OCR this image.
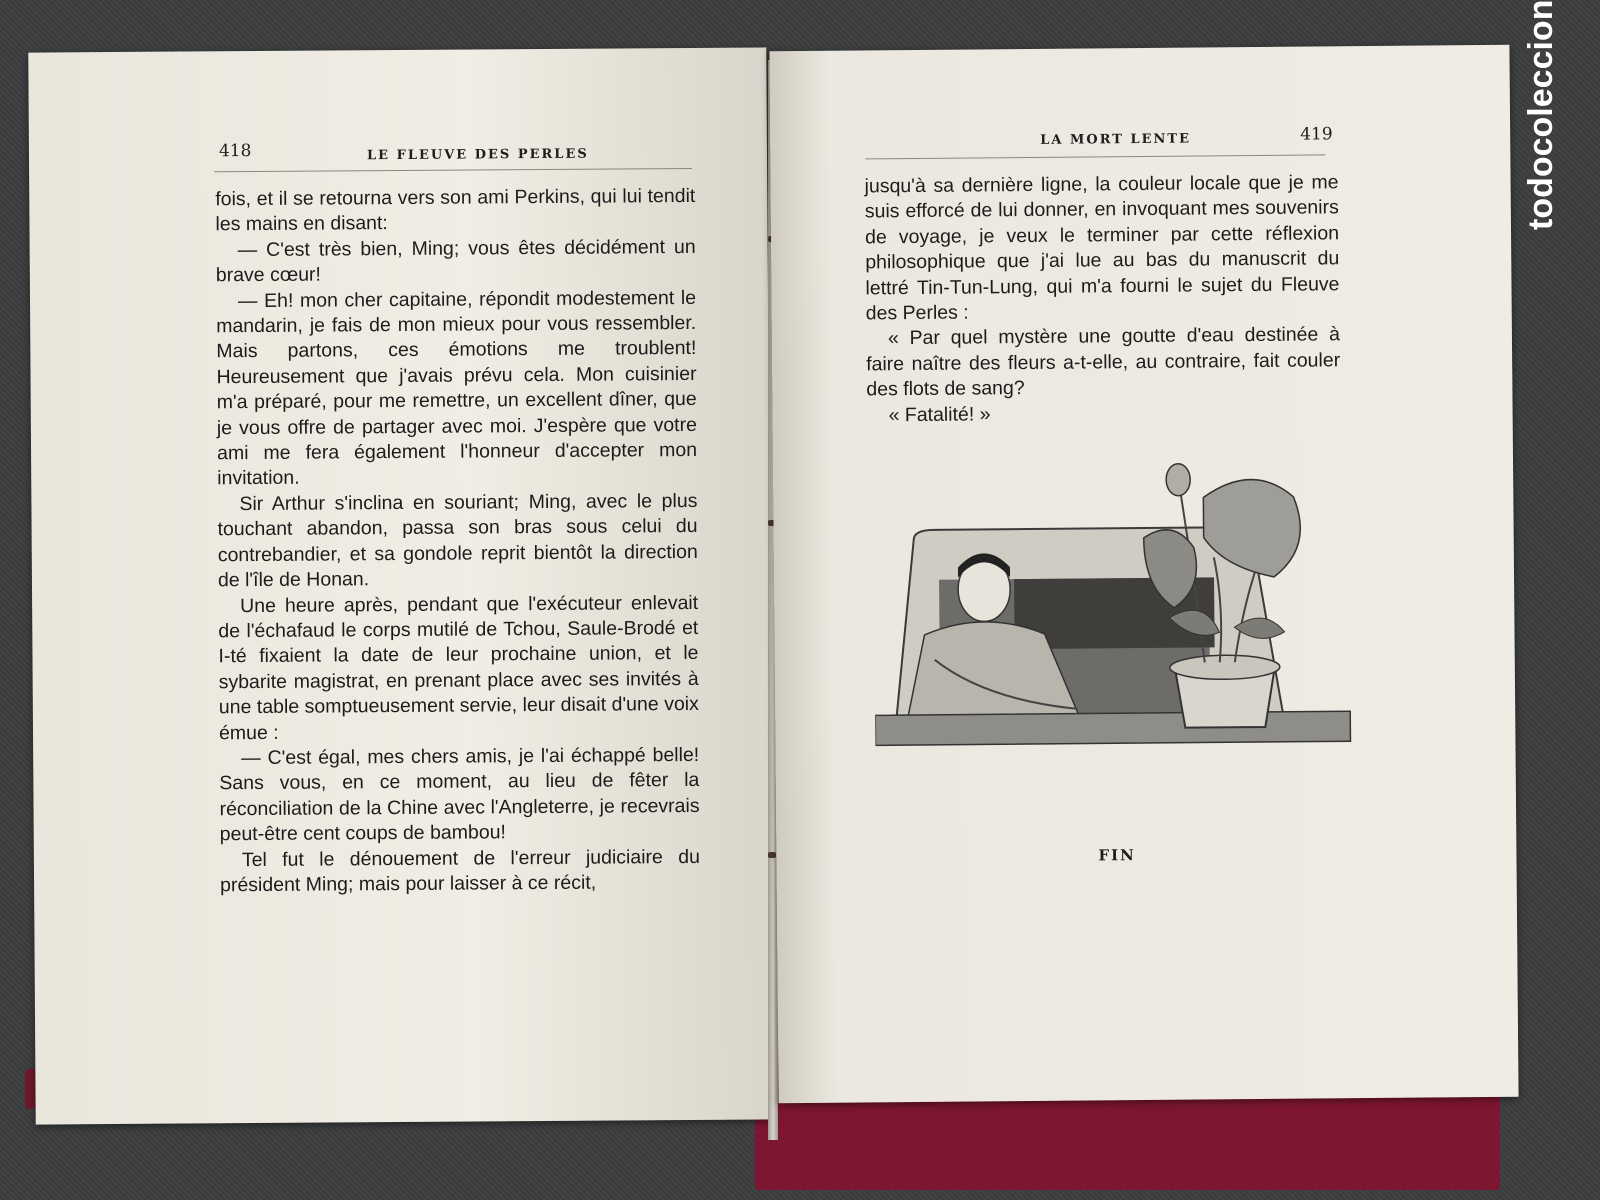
418	LE FLEUVE DES PERLES

fois, et il se retourna vers son ami Perkins, qui lui tendit les mains en disant:

— C'est très bien, Ming; vous êtes décidément un brave cœur!

— Eh! mon cher capitaine, répondit modestement le mandarin, je fais de mon mieux pour vous ressembler. Mais partons, ces émotions me troublent! Heureusement que j'avais prévu cela. Mon cuisinier m'a préparé, pour me remettre, un excellent dîner, que je vous offre de partager avec moi. J'espère que votre ami me fera également l'honneur d'accepter mon invitation.

Sir Arthur s'inclina en souriant; Ming, avec le plus touchant abandon, passa son bras sous celui du contrebandier, et sa gondole reprit bientôt la direction de l'île de Honan.

Une heure après, pendant que l'exécuteur enlevait de l'échafaud le corps mutilé de Tchou, Saule-Brodé et I-té fixaient la date de leur prochaine union, et le sybarite magistrat, en prenant place avec ses invités à une table somptueusement servie, leur disait d'une voix émue :

— C'est égal, mes chers amis, je l'ai échappé belle! Sans vous, en ce moment, au lieu de fêter la réconciliation de la Chine avec l'Angleterre, je recevrais peut-être cent coups de bambou!

Tel fut le dénouement de l'erreur judiciaire du président Ming; mais pour laisser à ce récit,

LA MORT LENTE	419

jusqu'à sa dernière ligne, la couleur locale que je me suis efforcé de lui donner, en invoquant mes souvenirs de voyage, je veux le terminer par cette réflexion philosophique que j'ai lue au bas du manuscrit du lettré Tin-Tun-Lung, qui m'a fourni le sujet du Fleuve des Perles :

« Par quel mystère une goutte d'eau destinée à faire naître des fleurs a-t-elle, au contraire, fait couler des flots de sang?

« Fatalité! »

FIN
todocoleccion
